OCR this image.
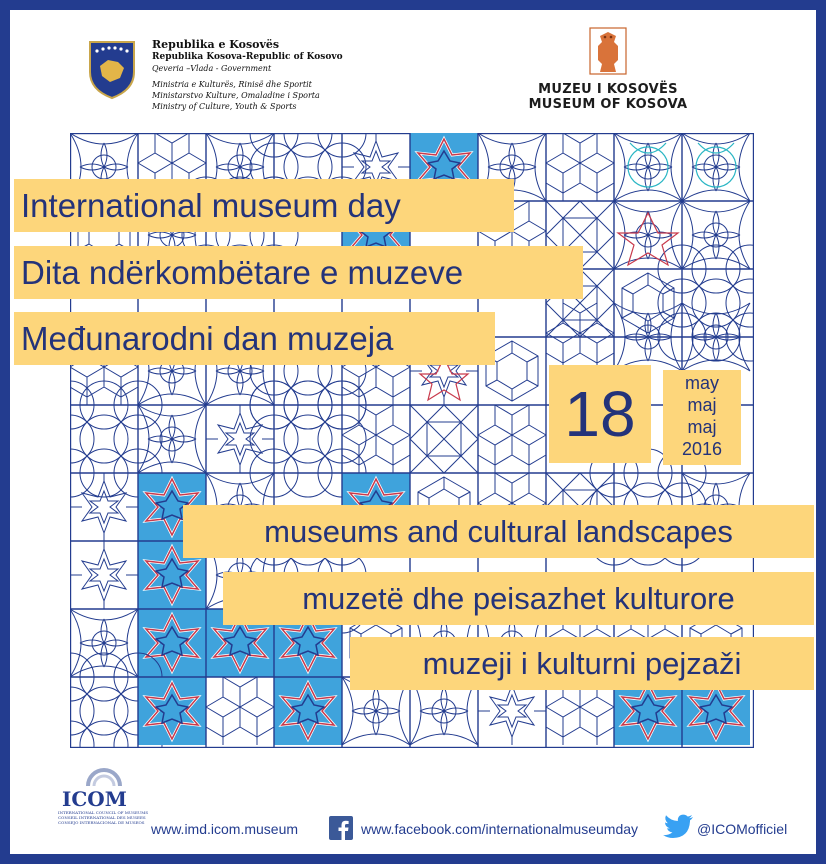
Republika e Kosovës
Republika Kosova-Republic of Kosovo
Qeveria –Vlada - Government
Ministria e Kulturës, Rinisë dhe Sportit
Ministarstvo Kulture, Omaladine i Sporta
Ministry of Culture, Youth & Sports
MUZEU I KOSOVËS
MUSEUM OF KOSOVA
International museum day
Dita ndërkombëtare e muzeve
Međunarodni dan muzeja
18	may
maj
maj
2016
museums and cultural landscapes
muzetë dhe peisazhet kulturore
muzeji i kulturni pejzaži
ICOM
INTERNATIONAL COUNCIL OF MUSEUMS
CONSEIL INTERNATIONAL DES MUSEES
CONSEJO INTERNACIONAL DE MUSEOS www.imd.icom.museum	www.facebook.com/internationalmuseumday	@ICOMofficiel
